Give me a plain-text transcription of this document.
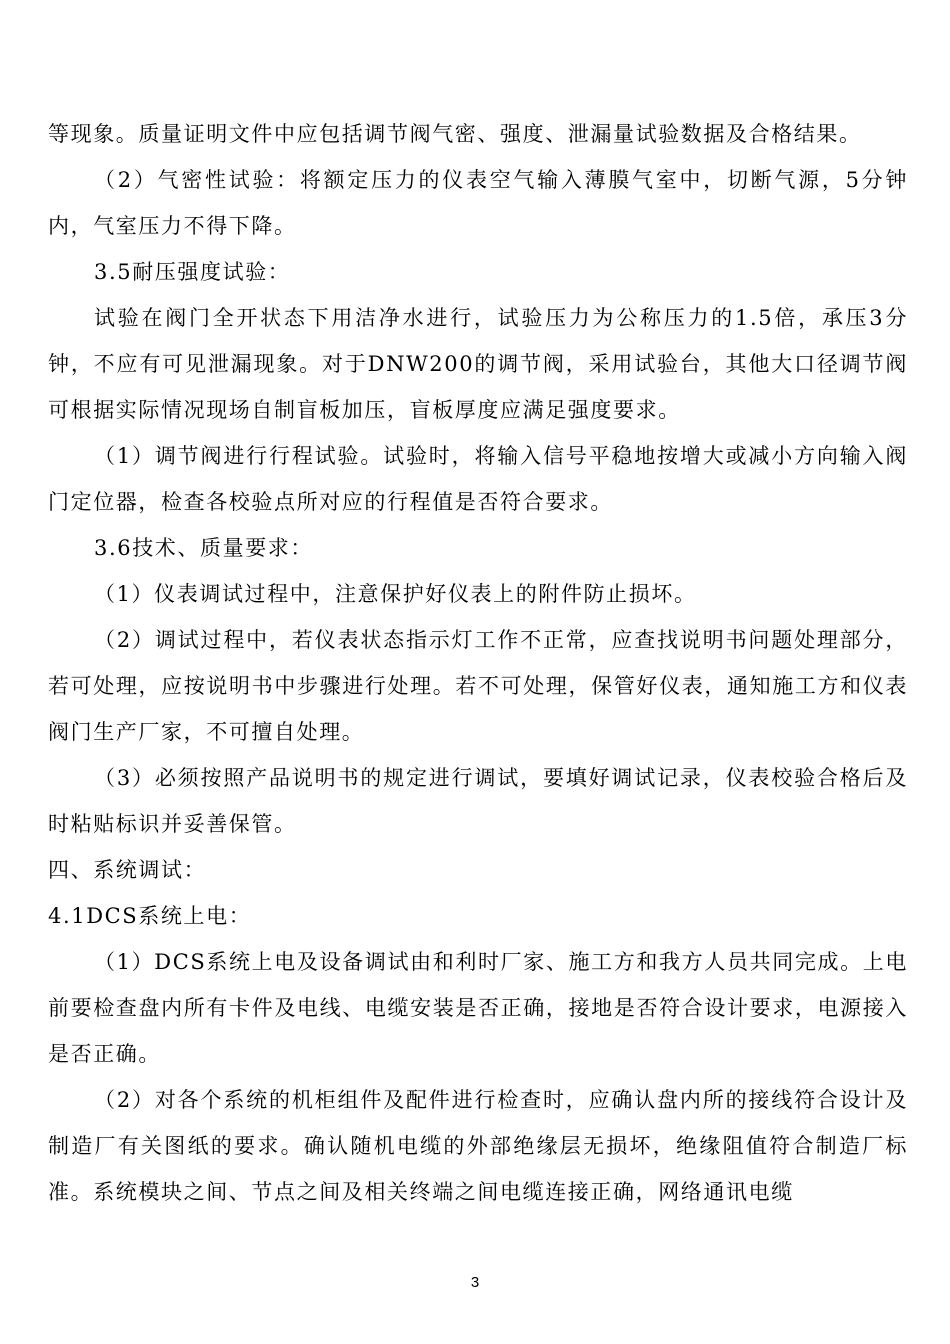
等现象。质量证明文件中应包括调节阀气密、强度、泄漏量试验数据及合格结果。

（2）气密性试验：将额定压力的仪表空气输入薄膜气室中，切断气源，5分钟内，气室压力不得下降。

3.5耐压强度试验：

试验在阀门全开状态下用洁净水进行，试验压力为公称压力的1.5倍，承压3分钟，不应有可见泄漏现象。对于DNW200的调节阀，采用试验台，其他大口径调节阀可根据实际情况现场自制盲板加压，盲板厚度应满足强度要求。

（1）调节阀进行行程试验。试验时，将输入信号平稳地按增大或减小方向输入阀门定位器，检查各校验点所对应的行程值是否符合要求。

3.6技术、质量要求：

（1）仪表调试过程中，注意保护好仪表上的附件防止损坏。

（2）调试过程中，若仪表状态指示灯工作不正常，应查找说明书问题处理部分，若可处理，应按说明书中步骤进行处理。若不可处理，保管好仪表，通知施工方和仪表阀门生产厂家，不可擅自处理。

（3）必须按照产品说明书的规定进行调试，要填好调试记录，仪表校验合格后及时粘贴标识并妥善保管。

四、系统调试：

4.1DCS系统上电：

（1）DCS系统上电及设备调试由和利时厂家、施工方和我方人员共同完成。上电前要检查盘内所有卡件及电线、电缆安装是否正确，接地是否符合设计要求，电源接入是否正确。

（2）对各个系统的机柜组件及配件进行检查时，应确认盘内所的接线符合设计及制造厂有关图纸的要求。确认随机电缆的外部绝缘层无损坏，绝缘阻值符合制造厂标准。系统模块之间、节点之间及相关终端之间电缆连接正确，网络通讯电缆

3
